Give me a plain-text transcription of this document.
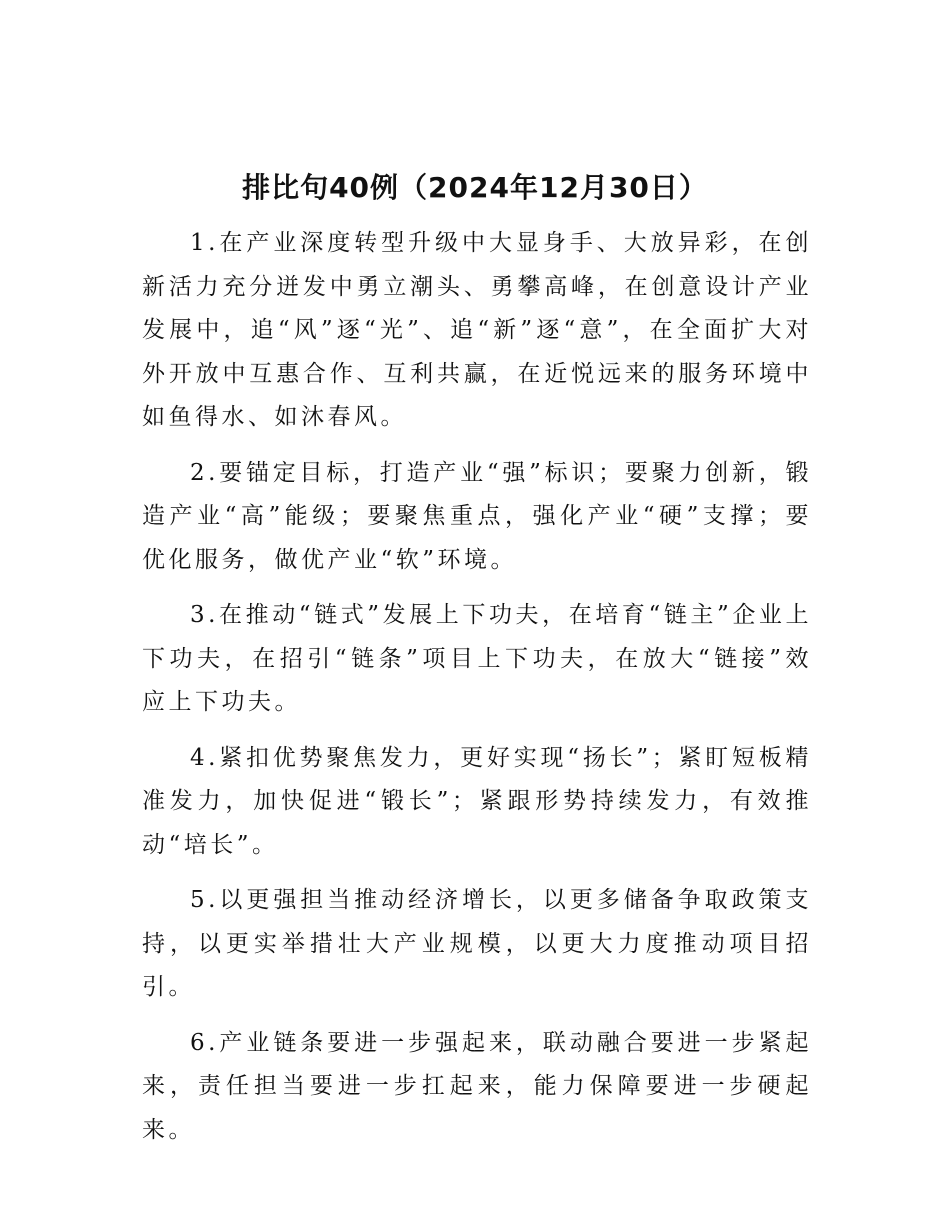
排比句40例（2024年12月30日）

1.在产业深度转型升级中大显身手、大放异彩，在创新活力充分迸发中勇立潮头、勇攀高峰，在创意设计产业发展中，追“风”逐“光”、追“新”逐“意”，在全面扩大对外开放中互惠合作、互利共赢，在近悦远来的服务环境中如鱼得水、如沐春风。

2.要锚定目标，打造产业“强”标识；要聚力创新，锻造产业“高”能级；要聚焦重点，强化产业“硬”支撑；要优化服务，做优产业“软”环境。

3.在推动“链式”发展上下功夫，在培育“链主”企业上下功夫，在招引“链条”项目上下功夫，在放大“链接”效应上下功夫。

4.紧扣优势聚焦发力，更好实现“扬长”；紧盯短板精准发力，加快促进“锻长”；紧跟形势持续发力，有效推动“培长”。

5.以更强担当推动经济增长，以更多储备争取政策支持，以更实举措壮大产业规模，以更大力度推动项目招引。

6.产业链条要进一步强起来，联动融合要进一步紧起来，责任担当要进一步扛起来，能力保障要进一步硬起来。
